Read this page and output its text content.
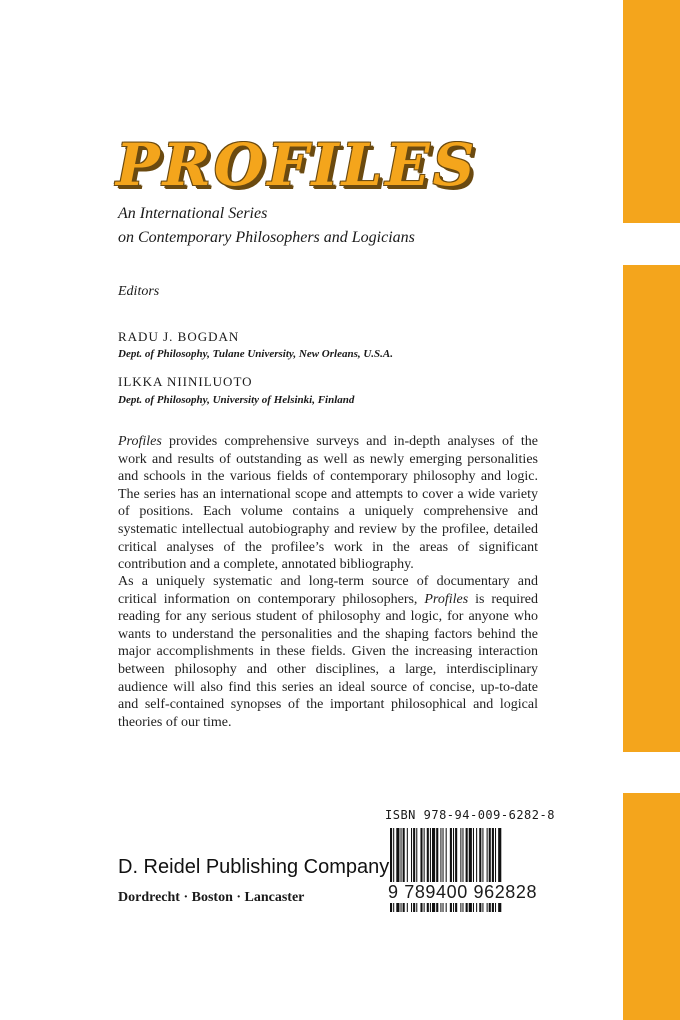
PROFILES
An International Series
on Contemporary Philosophers and Logicians
Editors
RADU J. BOGDAN
Dept. of Philosophy, Tulane University, New Orleans, U.S.A.
ILKKA NIINILUOTO
Dept. of Philosophy, University of Helsinki, Finland

Profiles provides comprehensive surveys and in-depth analyses of the work and results of outstanding as well as newly emerging personalities and schools in the various fields of contemporary philosophy and logic. The series has an international scope and attempts to cover a wide variety of positions. Each volume contains a uniquely comprehensive and systematic intellectual autobiography and review by the profilee, detailed critical analyses of the profilee’s work in the areas of significant contribution and a complete, annotated bibliography.

As a uniquely systematic and long-term source of documentary and critical information on contemporary philosophers, Profiles is required reading for any serious student of philosophy and logic, for anyone who wants to understand the personalities and the shaping factors behind the major accomplishments in these fields. Given the increasing interaction between philosophy and other disciplines, a large, interdisciplinary audience will also find this series an ideal source of concise, up-to-date and self-contained synopses of the important philosophical and logical theories of our time.

ISBN 978-94-009-6282-8
9 789400 962828
D. Reidel Publishing Company
Dordrecht · Boston · Lancaster
